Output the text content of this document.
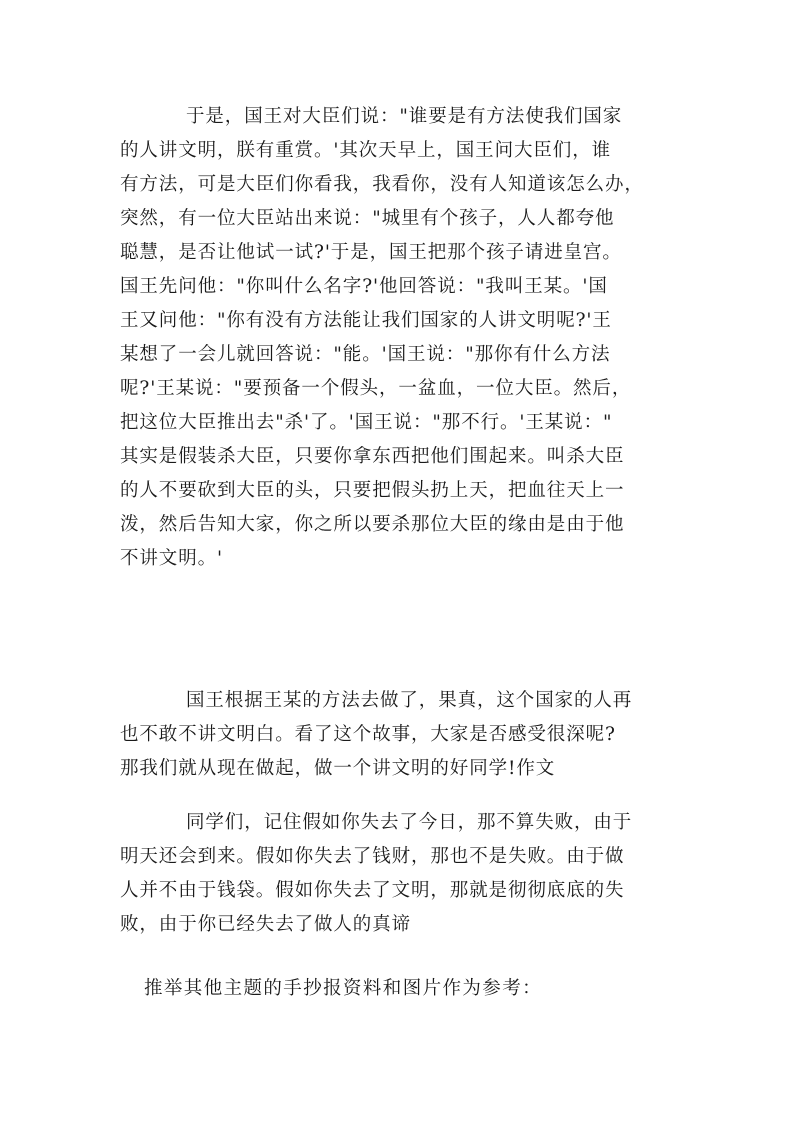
于是，国王对大臣们说："谁要是有方法使我们国家
的人讲文明，朕有重赏。'其次天早上，国王问大臣们，谁
有方法，可是大臣们你看我，我看你，没有人知道该怎么办，
突然，有一位大臣站出来说："城里有个孩子，人人都夸他
聪慧，是否让他试一试?'于是，国王把那个孩子请进皇宫。
国王先问他："你叫什么名字?'他回答说："我叫王某。'国
王又问他："你有没有方法能让我们国家的人讲文明呢?'王
某想了一会儿就回答说："能。'国王说："那你有什么方法
呢?'王某说："要预备一个假头，一盆血，一位大臣。然后，
把这位大臣推出去"杀'了。'国王说："那不行。'王某说："
其实是假装杀大臣，只要你拿东西把他们围起来。叫杀大臣
的人不要砍到大臣的头，只要把假头扔上天，把血往天上一
泼，然后告知大家，你之所以要杀那位大臣的缘由是由于他
不讲文明。'
国王根据王某的方法去做了，果真，这个国家的人再
也不敢不讲文明白。看了这个故事，大家是否感受很深呢?
那我们就从现在做起，做一个讲文明的好同学!作文
同学们，记住假如你失去了今日，那不算失败，由于
明天还会到来。假如你失去了钱财，那也不是失败。由于做
人并不由于钱袋。假如你失去了文明，那就是彻彻底底的失
败，由于你已经失去了做人的真谛
推举其他主题的手抄报资料和图片作为参考：
